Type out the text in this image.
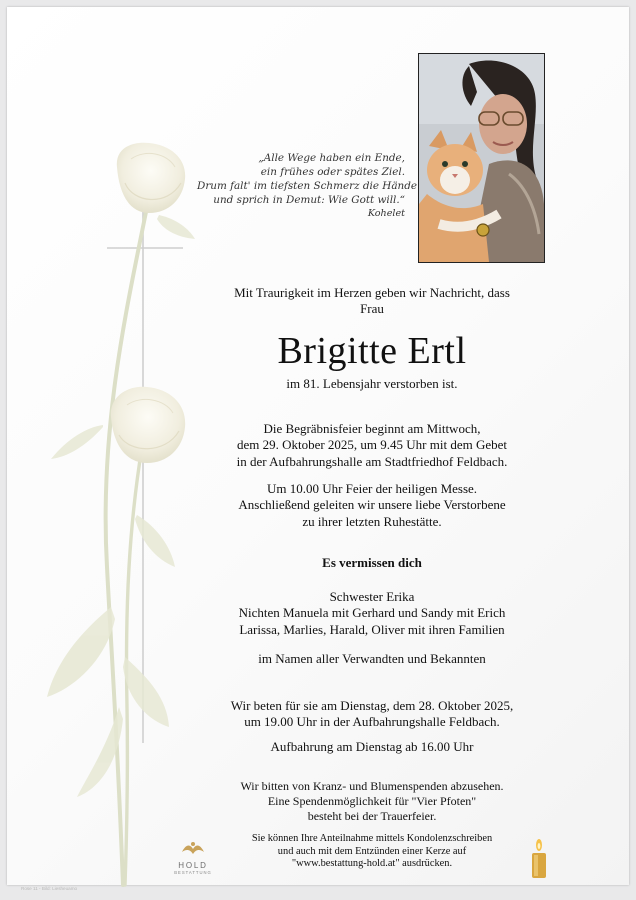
„Alle Wege haben ein Ende,
ein frühes oder spätes Ziel.
Drum falt' im tiefsten Schmerz die Hände
und sprich in Demut: Wie Gott will.“
Kohelet
Mit Traurigkeit im Herzen geben wir Nachricht, dass
Frau
Brigitte Ertl
im 81. Lebensjahr verstorben ist.
Die Begräbnisfeier beginnt am Mittwoch,
dem 29. Oktober 2025, um 9.45 Uhr mit dem Gebet
in der Aufbahrungshalle am Stadtfriedhof Feldbach.
Um 10.00 Uhr Feier der heiligen Messe.
Anschließend geleiten wir unsere liebe Verstorbene
zu ihrer letzten Ruhestätte.
Es vermissen dich
Schwester Erika
Nichten Manuela mit Gerhard und Sandy mit Erich
Larissa, Marlies, Harald, Oliver mit ihren Familien
im Namen aller Verwandten und Bekannten
Wir beten für sie am Dienstag, dem 28. Oktober 2025,
um 19.00 Uhr in der Aufbahrungshalle Feldbach.
Aufbahrung am Dienstag ab 16.00 Uhr
Wir bitten von Kranz- und Blumenspenden abzusehen.
Eine Spendenmöglichkeit für "Vier Pfoten"
besteht bei der Trauerfeier.
Sie können Ihre Anteilnahme mittels Kondolenzschreiben
und auch mit dem Entzünden einer Kerze auf
"www.bestattung-hold.at" ausdrücken.
HOLD
BESTATTUNG
Rose 11 - Bild: Liesheuamo
